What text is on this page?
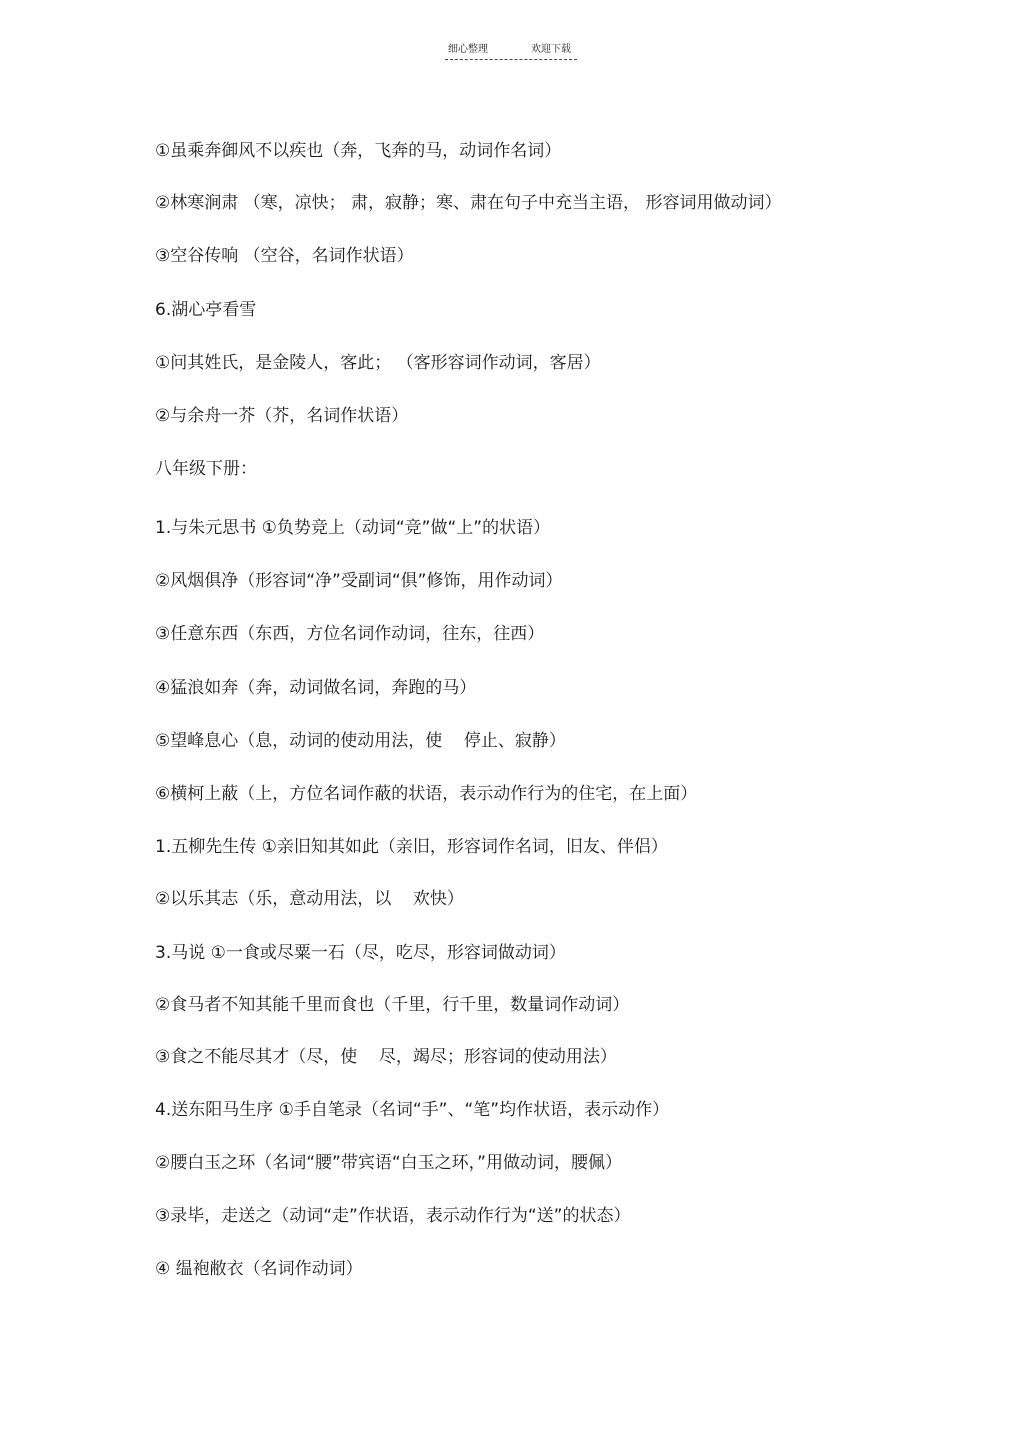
细心整理	欢迎下载
①虽乘奔御风不以疾也（奔，飞奔的马，动词作名词）
②林寒涧肃 （寒，凉快； 肃，寂静；寒、肃在句子中充当主语， 形容词用做动词）
③空谷传响 （空谷，名词作状语）
6.湖心亭看雪
①问其姓氏，是金陵人，客此； （客形容词作动词，客居）
②与余舟一芥（芥，名词作状语）
八年级下册：
1.与朱元思书 ①负势竞上（动词“竞”做“上”的状语）
②风烟俱净（形容词“净”受副词“俱”修饰，用作动词）
③任意东西（东西，方位名词作动词，往东，往西）
④猛浪如奔（奔，动词做名词，奔跑的马）
⑤望峰息心（息，动词的使动用法，使    停止、寂静）
⑥横柯上蔽（上，方位名词作蔽的状语，表示动作行为的住宅，在上面）
1.五柳先生传 ①亲旧知其如此（亲旧，形容词作名词，旧友、伴侣）
②以乐其志（乐，意动用法，以    欢快）
3.马说 ①一食或尽粟一石（尽，吃尽，形容词做动词）
②食马者不知其能千里而食也（千里，行千里，数量词作动词）
③食之不能尽其才（尽，使    尽，竭尽；形容词的使动用法）
4.送东阳马生序 ①手自笔录（名词“手”、“笔”均作状语，表示动作）
②腰白玉之环（名词“腰”带宾语“白玉之环，”用做动词，腰佩）
③录毕，走送之（动词“走”作状语，表示动作行为“送”的状态）
④ 缊袍敝衣（名词作动词）
